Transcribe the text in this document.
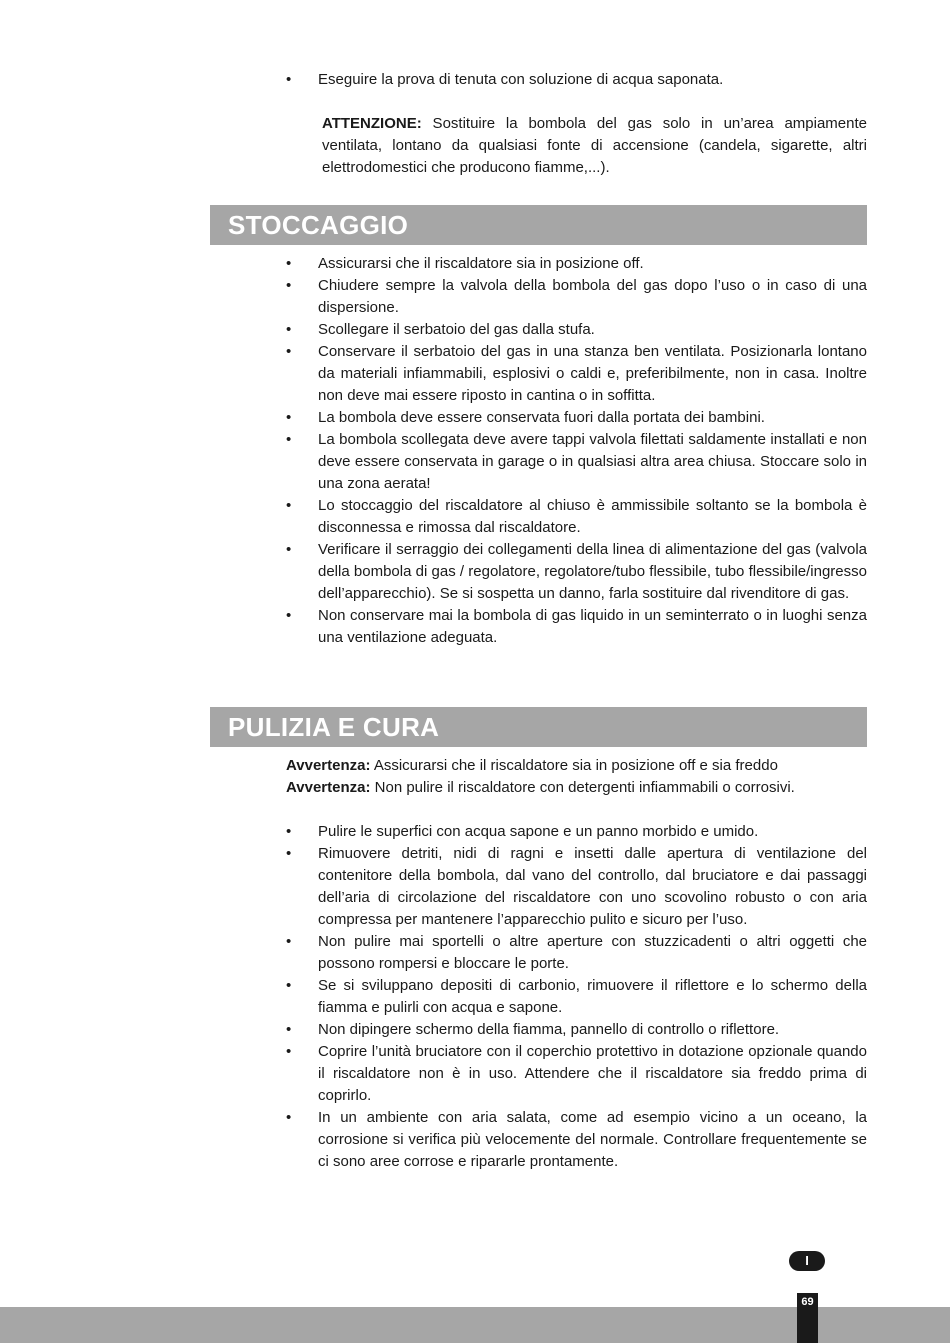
• Eseguire la prova di tenuta con soluzione di acqua saponata.

ATTENZIONE: Sostituire la bombola del gas solo in un’area ampiamente ventilata, lontano da qualsiasi fonte di accensione (candela, sigarette, altri elettrodomestici che producono fiamme,...).

STOCCAGGIO
• Assicurarsi che il riscaldatore sia in posizione off.
• Chiudere sempre la valvola della bombola del gas dopo l’uso o in caso di una dispersione.
• Scollegare il serbatoio del gas dalla stufa.
• Conservare il serbatoio del gas in una stanza ben ventilata. Posizionarla lontano da materiali infiammabili, esplosivi o caldi e, preferibilmente, non in casa. Inoltre non deve mai essere riposto in cantina o in soffitta.
• La bombola deve essere conservata fuori dalla portata dei bambini.
• La bombola scollegata deve avere tappi valvola filettati saldamente installati e non deve essere conservata in garage o in qualsiasi altra area chiusa. Stoccare solo in una zona aerata!
• Lo stoccaggio del riscaldatore al chiuso è ammissibile soltanto se la bombola è disconnessa e rimossa dal riscaldatore.
• Verificare il serraggio dei collegamenti della linea di alimentazione del gas (valvola della bombola di gas / regolatore, regolatore/tubo flessibile, tubo flessibile/ingresso dell’apparecchio). Se si sospetta un danno, farla sostituire dal rivenditore di gas.
• Non conservare mai la bombola di gas liquido in un seminterrato o in luoghi senza una ventilazione adeguata.
PULIZIA E CURA

Avvertenza: Assicurarsi che il riscaldatore sia in posizione off e sia freddo

Avvertenza: Non pulire il riscaldatore con detergenti infiammabili o corrosivi.

• Pulire le superfici con acqua sapone e un panno morbido e umido.
• Rimuovere detriti, nidi di ragni e insetti dalle apertura di ventilazione del contenitore della bombola, dal vano del controllo, dal bruciatore e dai passaggi dell’aria di circolazione del riscaldatore con uno scovolino robusto o con aria compressa per mantenere l’apparecchio pulito e sicuro per l’uso.
• Non pulire mai sportelli o altre aperture con stuzzicadenti o altri oggetti che possono rompersi e bloccare le porte.
• Se si sviluppano depositi di carbonio, rimuovere il riflettore e lo schermo della fiamma e pulirli con acqua e sapone.
• Non dipingere schermo della fiamma, pannello di controllo o riflettore.
• Coprire l’unità bruciatore con il coperchio protettivo in dotazione opzionale quando il riscaldatore non è in uso. Attendere che il riscaldatore sia freddo prima di coprirlo.
• In un ambiente con aria salata, come ad esempio vicino a un oceano, la corrosione si verifica più velocemente del normale. Controllare frequentemente se ci sono aree corrose e ripararle prontamente.
I
69
